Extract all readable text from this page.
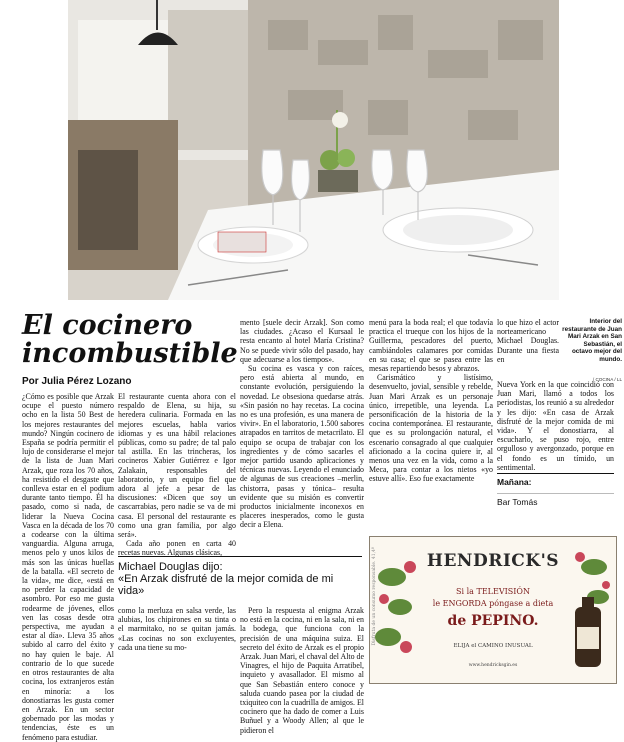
Interior del restaurante de Juan Mari Arzak en San Sebastián, el octavo mejor del mundo.
/ COCINA / LL
El cocinero incombustible
Por Julia Pérez Lozano

¿Cómo es posible que Arzak ocupe el puesto número ocho en la lista 50 Best de los mejores restaurantes del mundo? Ningún cocinero de España se podría permitir el lujo de considerarse el mejor de la lista de Juan Mari Arzak, que roza los 70 años, ha resistido el desgaste que conlleva estar en el podium durante tanto tiempo. Él ha pasado, como si nada, de liderar la Nueva Cocina Vasca en la década de los 70 a codearse con la última vanguardia. Alguna arruga, menos pelo y unos kilos de más son las únicas huellas de la batalla. «El secreto de la vida», me dice, «está en no perder la capacidad de asombro. Por eso me gusta rodearme de jóvenes, ellos ven las cosas desde otra perspectiva, me ayudan a estar al día». Lleva 35 años subido al carro del éxito y no hay quien le baje. Al contrario de lo que sucede en otros restaurantes de alta cocina, los extranjeros están en minoría: a los donostiarras les gusta comer en Arzak. En un sector gobernado por las modas y tendencias, éste es un fenómeno para estudiar.

El restaurante cuenta ahora con el respaldo de Elena, su hija, su heredera culinaria. Formada en las mejores escuelas, habla varios idiomas y es una hábil relaciones públicas, como su padre; de tal palo tal astilla. En las trincheras, los cocineros Xabier Gutiérrez e Igor Zalakain, responsables del laboratorio, y un equipo fiel que adora al jefe a pesar de las discusiones: «Dicen que soy un cascarrabias, pero nadie se va de mi casa. El personal del restaurante es como una gran familia, por algo será».

Cada año ponen en carta 40 recetas nuevas. Algunas clásicas,

Michael Douglas dijo:
«En Arzak disfruté de la mejor comida de mi vida»

como la merluza en salsa verde, las alubias, los chipirones en su tinta o el marmitako, no se quitan jamás. «Las cocinas no son excluyentes, cada una tiene su mo-

mento [suele decir Arzak]. Son como las ciudades. ¿Acaso el Kursaal le resta encanto al hotel María Cristina? No se puede vivir sólo del pasado, hay que adecuarse a los tiempos».

Su cocina es vasca y con raíces, pero está abierta al mundo, en constante evolución, persiguiendo la novedad. Le obsesiona quedarse atrás. «Sin pasión no hay recetas. La cocina no es una profesión, es una manera de vivir». En el laboratorio, 1.500 sabores atrapados en tarritos de metacrilato. El equipo se ocupa de trabajar con los ingredientes y de cómo sacarles el mejor partido usando aplicaciones y técnicas nuevas. Leyendo el enunciado de algunas de sus creaciones –merlin, chistorra, pasas y tónica– resulta evidente que su misión es convertir productos inicialmente inconexos en placeres inesperados, como le gusta decir a Elena.

Pero la respuesta al enigma Arzak no está en la cocina, ni en la sala, ni en la bodega, que funciona con la precisión de una máquina suiza. El secreto del éxito de Arzak es el propio Arzak. Juan Mari, el chaval del Alto de Vinagres, el hijo de Paquita Arratibel, inquieto y avasallador. El mismo al que San Sebastián entero conoce y saluda cuando pasea por la ciudad de txiquiteo con la cuadrilla de amigos. El cocinero que ha dado de comer a Luis Buñuel y a Woody Allen; al que le pidieron el

menú para la boda real; el que todavía practica el trueque con los hijos de la Guillerma, pescadores del puerto, cambiándoles calamares por comidas en su casa; el que se pasea entre las mesas repartiendo besos y abrazos.

Carismático y listísimo, desenvuelto, jovial, sensible y rebelde, Juan Mari Arzak es un personaje único, irrepetible, una leyenda. La personificación de la historia de la cocina contemporánea. El restaurante, que es su prolongación natural, el escenario consagrado al que cualquier aficionado a la cocina quiere ir, al menos una vez en la vida, como a la Meca, para contar a los nietos «yo estuve allí». Eso fue exactamente

lo que hizo el actor norteamericano Michael Douglas. Durante una fiesta en

Nueva York en la que coincidió con Juan Mari, llamó a todos los periodistas, los reunió a su alrededor y les dijo: «En casa de Arzak disfruté de la mejor comida de mi vida». Y el donostiarra, al escucharlo, se puso rojo, entre orgulloso y avergonzado, porque en el fondo es un tímido, un sentimental.

Mañana:
Bar Tomás
Disfruta de un consumo responsable. 41,4º	HENDRICK'S
Si la TELEVISIÓN
le ENGORDA póngase a dieta
de PEPINO.
ELIJA el CAMINO INUSUAL
www.hendricksgin.es
